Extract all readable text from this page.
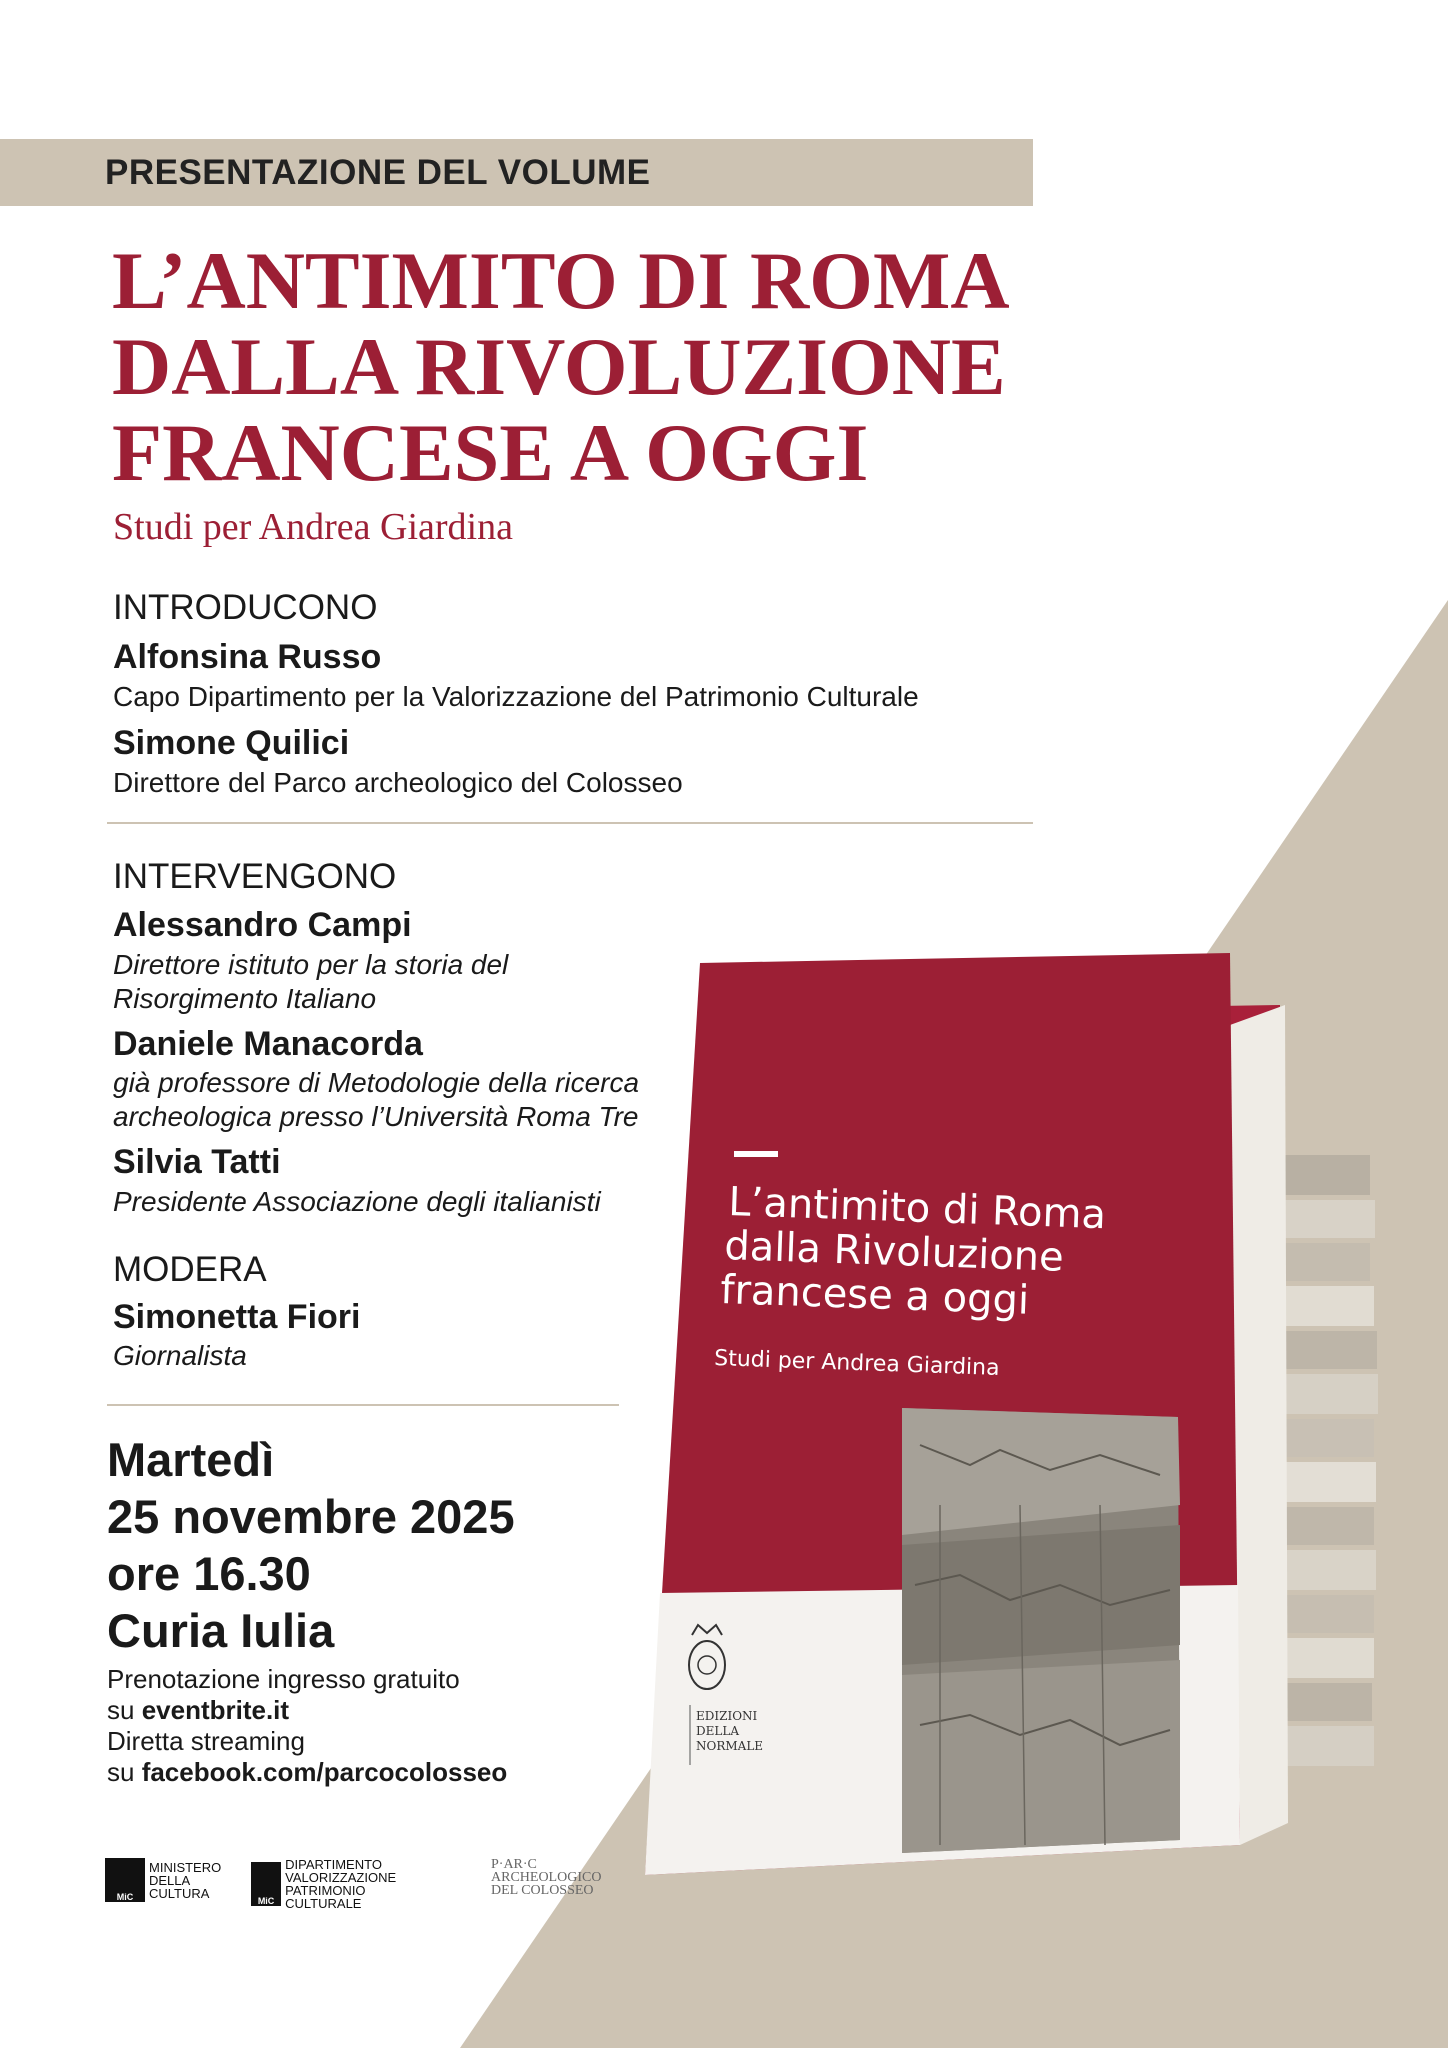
PRESENTAZIONE DEL VOLUME
L’ANTIMITO DI ROMA
DALLA RIVOLUZIONE
FRANCESE A OGGI
Studi per Andrea Giardina
INTRODUCONO
Alfonsina Russo
Capo Dipartimento per la Valorizzazione del Patrimonio Culturale
Simone Quilici
Direttore del Parco archeologico del Colosseo
INTERVENGONO
Alessandro Campi
Direttore istituto per la storia del
Risorgimento Italiano
Daniele Manacorda
già professore di Metodologie della ricerca
archeologica presso l’Università Roma Tre
Silvia Tatti
Presidente Associazione degli italianisti
MODERA
Simonetta Fiori
Giornalista
Martedì
25 novembre 2025
ore 16.30
Curia Iulia
Prenotazione ingresso gratuito
su eventbrite.it
Diretta streaming
su facebook.com/parcocolosseo
L’antimito di Roma
dalla Rivoluzione
francese a oggi
Studi per Andrea Giardina
EDIZIONI
DELLA
NORMALE
MiC
MINISTERO
DELLA
CULTURA
MiC
DIPARTIMENTO
VALORIZZAZIONE
PATRIMONIO CULTURALE
P·AR·C
ARCHEOLOGICO
DEL COLOSSEO
